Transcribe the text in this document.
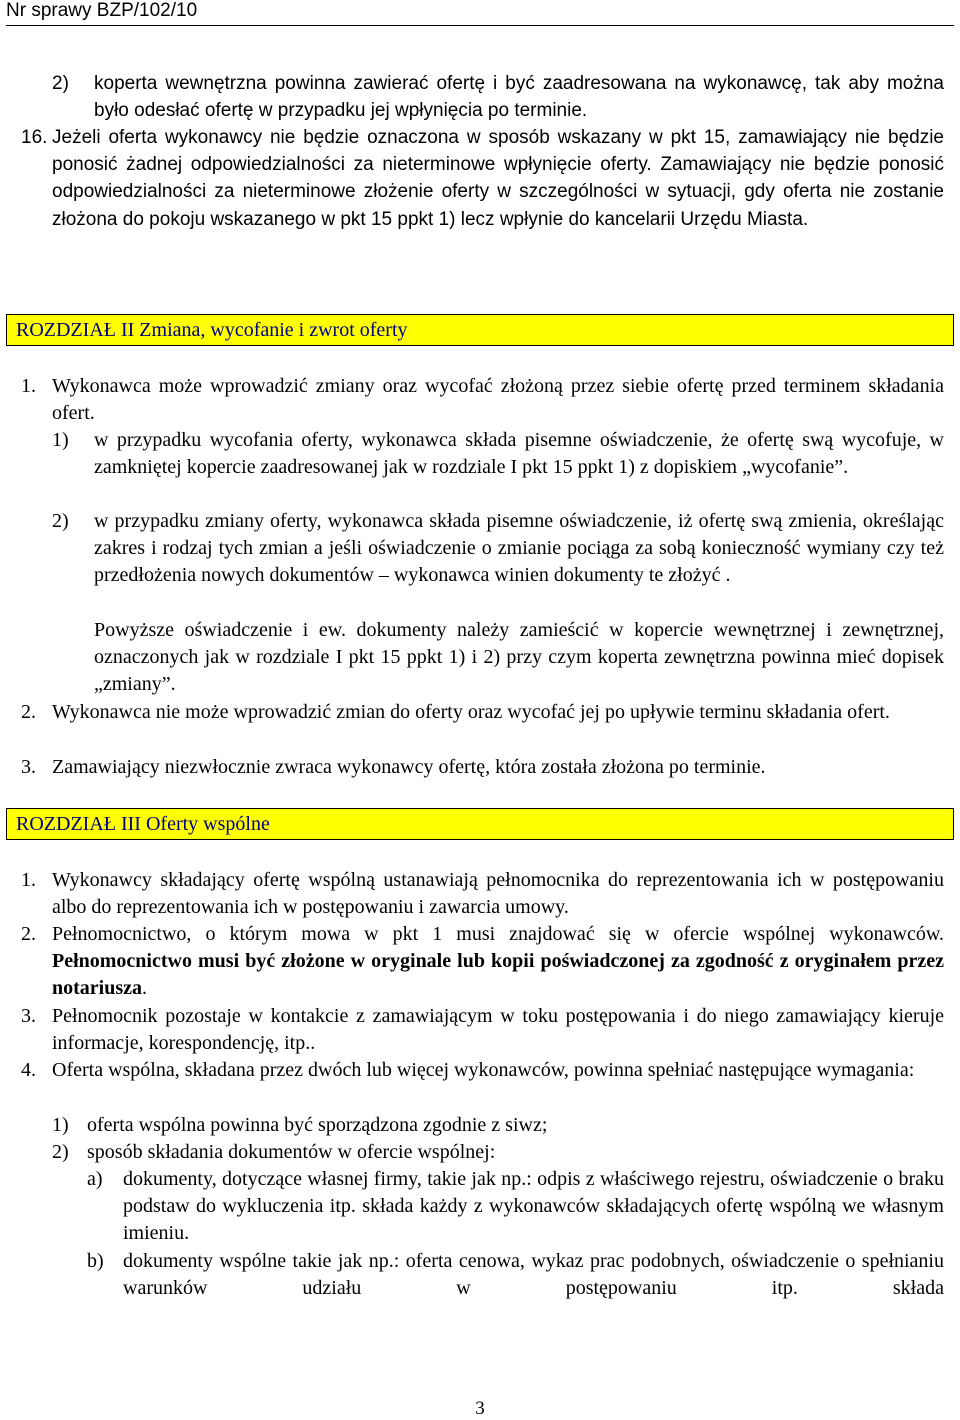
Nr sprawy BZP/102/10
2) koperta wewnętrzna powinna zawierać ofertę i być zaadresowana na wykonawcę, tak aby można było odesłać ofertę w przypadku jej wpłynięcia po terminie.
16. Jeżeli oferta wykonawcy nie będzie oznaczona w sposób wskazany w pkt 15, zamawiający nie będzie ponosić żadnej odpowiedzialności za nieterminowe wpłynięcie oferty. Zamawiający nie będzie ponosić odpowiedzialności za nieterminowe złożenie oferty w szczególności w sytuacji, gdy oferta nie zostanie złożona do pokoju wskazanego w pkt 15 ppkt 1) lecz wpłynie do kancelarii Urzędu Miasta.
ROZDZIAŁ II Zmiana, wycofanie i zwrot oferty
1. Wykonawca może wprowadzić zmiany oraz wycofać złożoną przez siebie ofertę przed terminem składania ofert.
1) w przypadku wycofania oferty, wykonawca składa pisemne oświadczenie, że ofertę swą wycofuje, w zamkniętej kopercie zaadresowanej jak w rozdziale I pkt 15 ppkt 1) z dopiskiem „wycofanie”.
2) w przypadku zmiany oferty, wykonawca składa pisemne oświadczenie, iż ofertę swą zmienia, określając zakres i rodzaj tych zmian a jeśli oświadczenie o zmianie pociąga za sobą konieczność wymiany czy też przedłożenia nowych dokumentów – wykonawca winien dokumenty te złożyć .
Powyższe oświadczenie i ew. dokumenty należy zamieścić w kopercie wewnętrznej i zewnętrznej, oznaczonych jak w rozdziale I pkt 15 ppkt 1) i 2) przy czym koperta zewnętrzna powinna mieć dopisek „zmiany”.
2. Wykonawca nie może wprowadzić zmian do oferty oraz wycofać jej po upływie terminu składania ofert.
3. Zamawiający niezwłocznie zwraca wykonawcy ofertę, która została złożona po terminie.
ROZDZIAŁ III Oferty wspólne
1. Wykonawcy składający ofertę wspólną ustanawiają pełnomocnika do reprezentowania ich w postępowaniu albo do reprezentowania ich w postępowaniu i zawarcia umowy.
2. Pełnomocnictwo, o którym mowa w pkt 1 musi znajdować się w ofercie wspólnej wykonawców. Pełnomocnictwo musi być złożone w oryginale lub kopii poświadczonej za zgodność z oryginałem przez notariusza.
3. Pełnomocnik pozostaje w kontakcie z zamawiającym w toku postępowania i do niego zamawiający kieruje informacje, korespondencję, itp..
4. Oferta wspólna, składana przez dwóch lub więcej wykonawców, powinna spełniać następujące wymagania:
1) oferta wspólna powinna być sporządzona zgodnie z siwz;
2) sposób składania dokumentów w ofercie wspólnej:
a) dokumenty, dotyczące własnej firmy, takie jak np.: odpis z właściwego rejestru, oświadczenie o braku podstaw do wykluczenia itp. składa każdy z wykonawców składających ofertę wspólną we własnym imieniu.
b) dokumenty wspólne takie jak np.: oferta cenowa, wykaz prac podobnych, oświadczenie o spełnianiu warunków udziału w postępowaniu itp. składa
3
